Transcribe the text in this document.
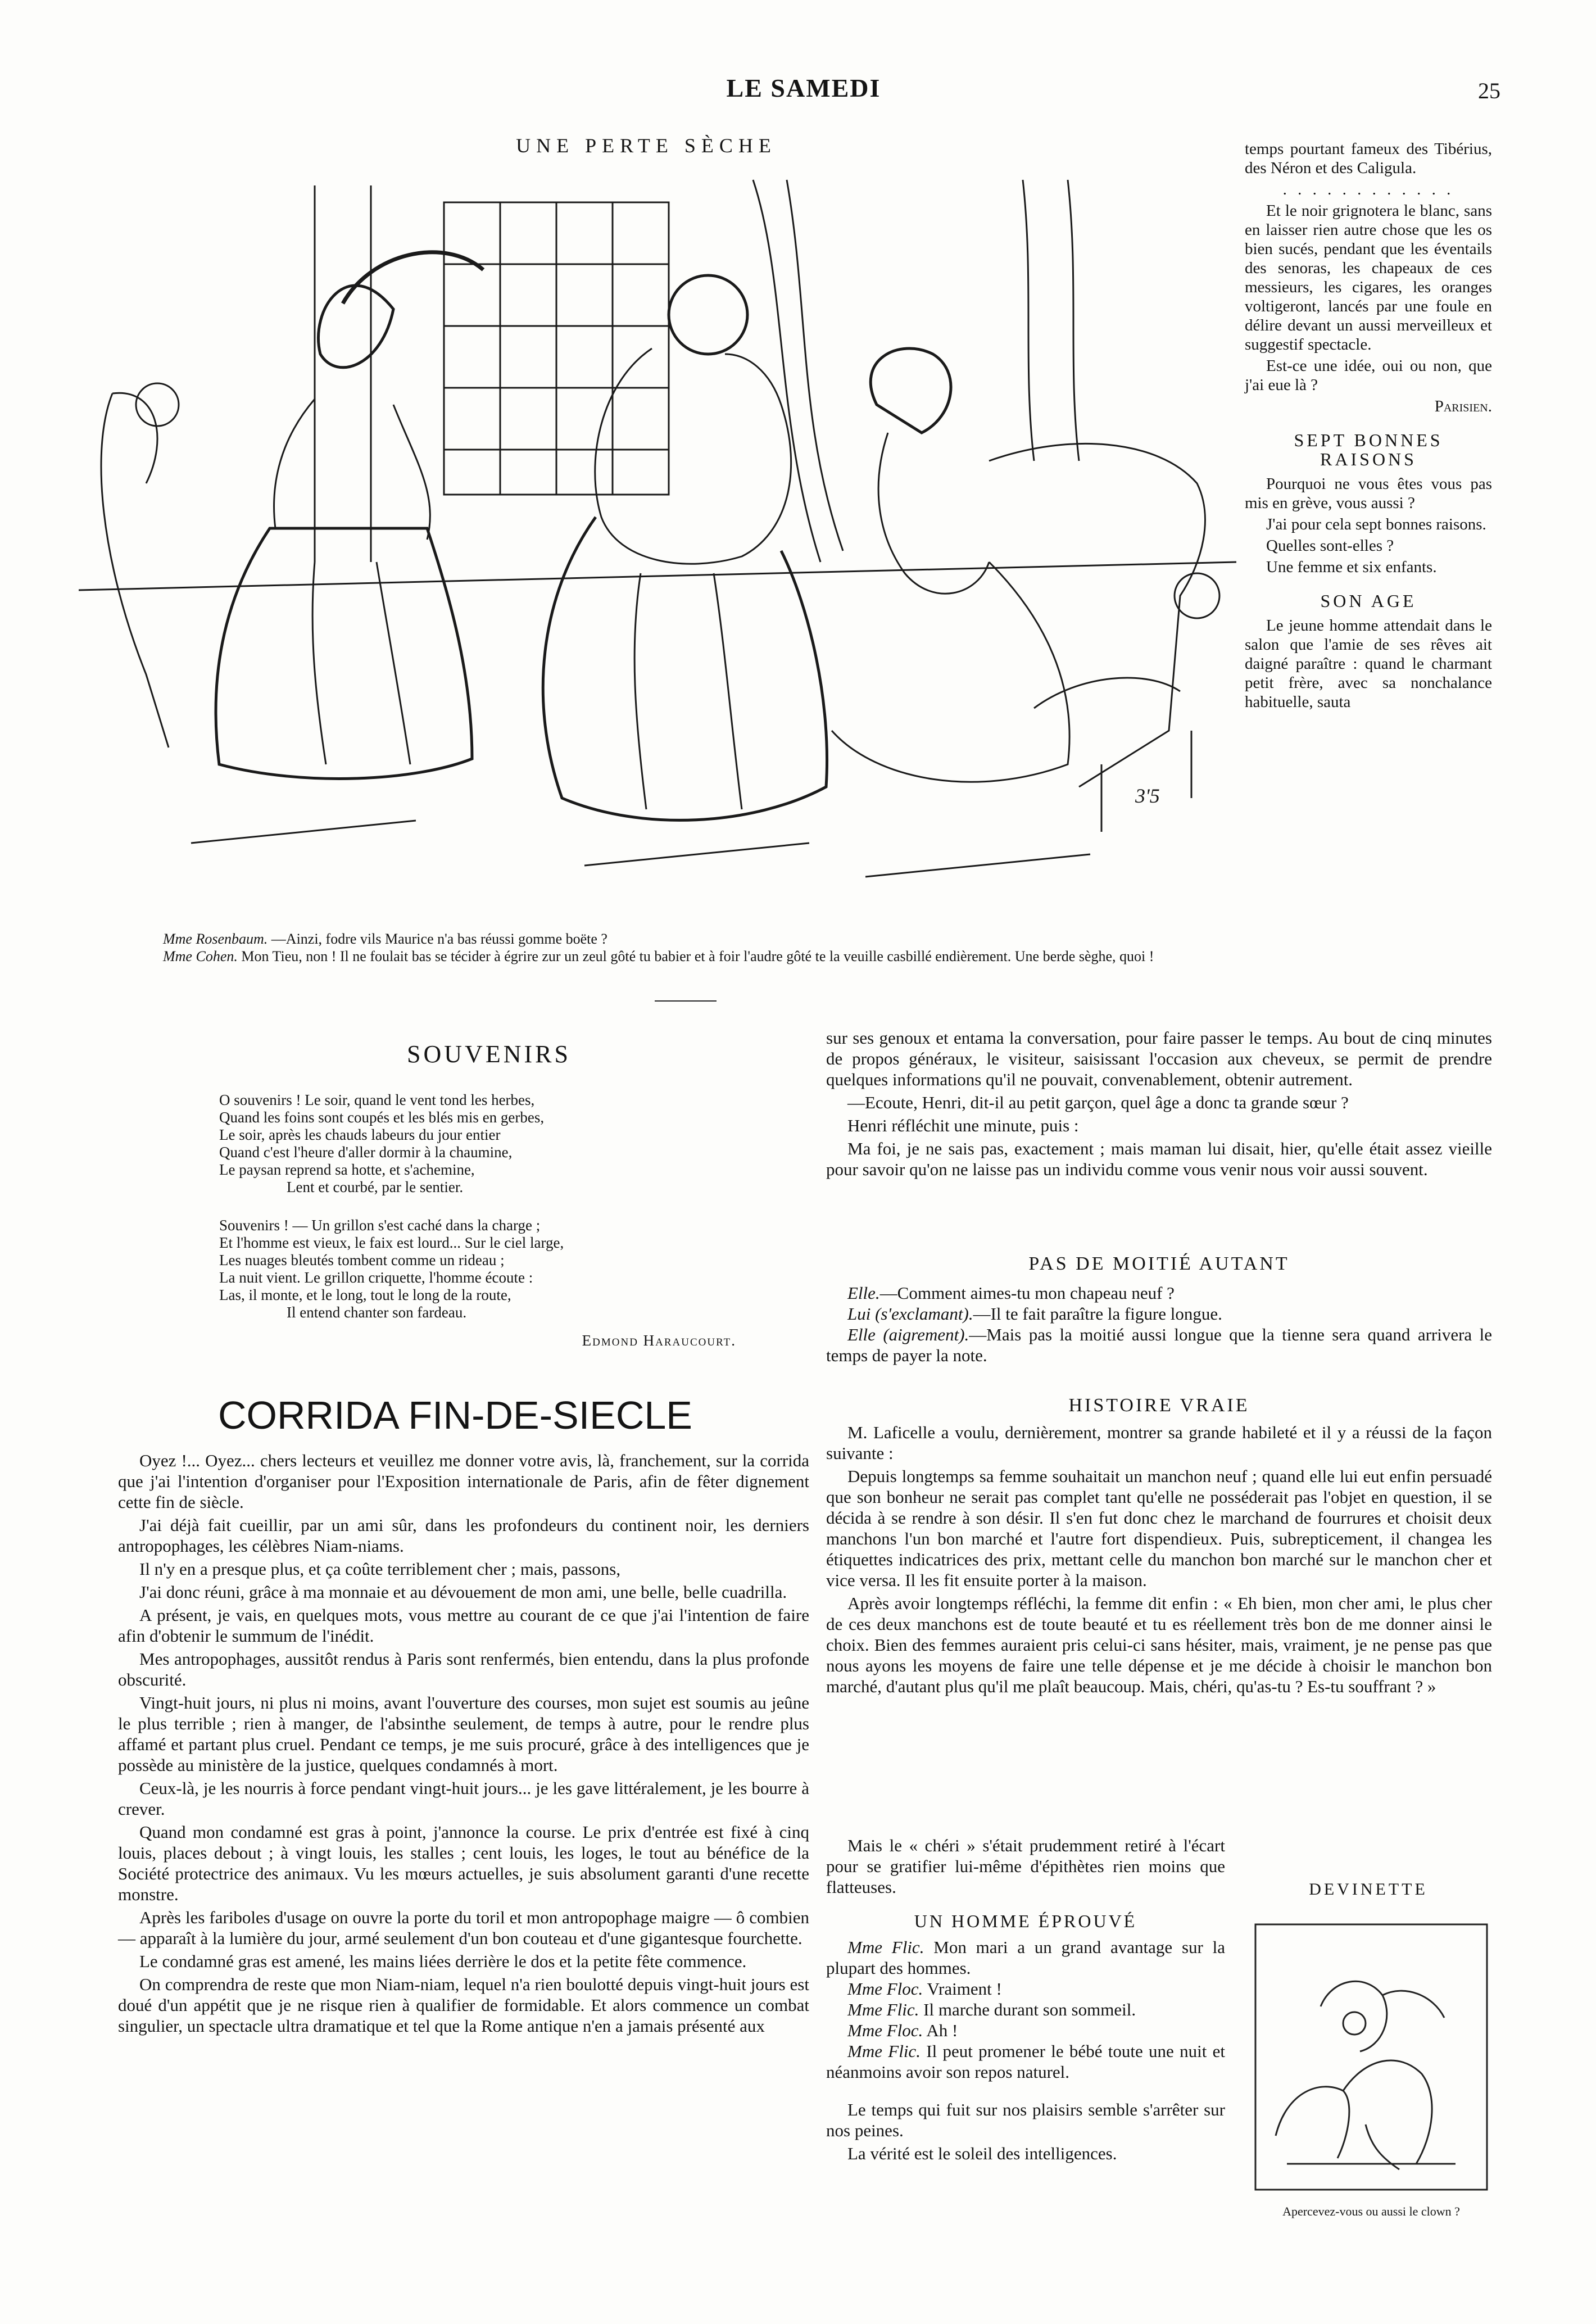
LE SAMEDI	25
UNE PERTE SÈCHE
3'5
Mme Rosenbaum. —Ainzi, fodre vils Maurice n'a bas réussi gomme boëte ?
Mme Cohen. Mon Tieu, non ! Il ne foulait bas se técider à égrire zur un zeul gôté tu babier et à foir l'audre gôté te la veuille casbillé endièrement. Une berde sèghe, quoi !

temps pourtant fameux des Tibérius, des Néron et des Caligula.

. . . . . . . . . . . .

Et le noir grignotera le blanc, sans en laisser rien autre chose que les os bien sucés, pendant que les éventails des senoras, les chapeaux de ces messieurs, les cigares, les oranges voltigeront, lancés par une foule en délire devant un aussi merveilleux et suggestif spectacle.

Est-ce une idée, oui ou non, que j'ai eue là ?

Parisien.

SEPT BONNES RAISONS

Pourquoi ne vous êtes vous pas mis en grève, vous aussi ?

J'ai pour cela sept bonnes raisons.

Quelles sont-elles ?

Une femme et six enfants.

SON AGE

Le jeune homme attendait dans le salon que l'amie de ses rêves ait daigné paraître : quand le charmant petit frère, avec sa nonchalance habituelle, sauta

SOUVENIRS
O souvenirs ! Le soir, quand le vent tond les herbes,
Quand les foins sont coupés et les blés mis en gerbes,
Le soir, après les chauds labeurs du jour entier
Quand c'est l'heure d'aller dormir à la chaumine,
Le paysan reprend sa hotte, et s'achemine,
Lent et courbé, par le sentier.
Souvenirs ! — Un grillon s'est caché dans la charge ;
Et l'homme est vieux, le faix est lourd... Sur le ciel large,
Les nuages bleutés tombent comme un rideau ;
La nuit vient. Le grillon criquette, l'homme écoute :
Las, il monte, et le long, tout le long de la route,
Il entend chanter son fardeau.
Edmond Haraucourt.

sur ses genoux et entama la conversation, pour faire passer le temps. Au bout de cinq minutes de propos généraux, le visiteur, saisissant l'occasion aux cheveux, se permit de prendre quelques informations qu'il ne pouvait, convenablement, obtenir autrement.

—Ecoute, Henri, dit-il au petit garçon, quel âge a donc ta grande sœur ?

Henri réfléchit une minute, puis :

Ma foi, je ne sais pas, exactement ; mais maman lui disait, hier, qu'elle était assez vieille pour savoir qu'on ne laisse pas un individu comme vous venir nous voir aussi souvent.

PAS DE MOITIÉ AUTANT
Elle.—Comment aimes-tu mon chapeau neuf ?
Lui (s'exclamant).—Il te fait paraître la figure longue.
Elle (aigrement).—Mais pas la moitié aussi longue que la tienne sera quand arrivera le temps de payer la note.
HISTOIRE VRAIE

M. Laficelle a voulu, dernièrement, montrer sa grande habileté et il y a réussi de la façon suivante :

Depuis longtemps sa femme souhaitait un manchon neuf ; quand elle lui eut enfin persuadé que son bonheur ne serait pas complet tant qu'elle ne posséderait pas l'objet en question, il se décida à se rendre à son désir. Il s'en fut donc chez le marchand de fourrures et choisit deux manchons l'un bon marché et l'autre fort dispendieux. Puis, subrepticement, il changea les étiquettes indicatrices des prix, mettant celle du manchon bon marché sur le manchon cher et vice versa. Il les fit ensuite porter à la maison.

Après avoir longtemps réfléchi, la femme dit enfin : « Eh bien, mon cher ami, le plus cher de ces deux manchons est de toute beauté et tu es réellement très bon de me donner ainsi le choix. Bien des femmes auraient pris celui-ci sans hésiter, mais, vraiment, je ne pense pas que nous ayons les moyens de faire une telle dépense et je me décide à choisir le manchon bon marché, d'autant plus qu'il me plaît beaucoup. Mais, chéri, qu'as-tu ? Es-tu souffrant ? »

Mais le « chéri » s'était prudemment retiré à l'écart pour se gratifier lui-même d'épithètes rien moins que flatteuses.

UN HOMME ÉPROUVÉ
Mme Flic. Mon mari a un grand avantage sur la plupart des hommes.
Mme Floc. Vraiment !
Mme Flic. Il marche durant son sommeil.
Mme Floc. Ah !
Mme Flic. Il peut promener le bébé toute une nuit et néanmoins avoir son repos naturel.

Le temps qui fuit sur nos plaisirs semble s'arrêter sur nos peines.

La vérité est le soleil des intelligences.

DEVINETTE
Apercevez-vous ou aussi le clown ?
CORRIDA FIN-DE-SIECLE

Oyez !... Oyez... chers lecteurs et veuillez me donner votre avis, là, franchement, sur la corrida que j'ai l'intention d'organiser pour l'Exposition internationale de Paris, afin de fêter dignement cette fin de siècle.

J'ai déjà fait cueillir, par un ami sûr, dans les profondeurs du continent noir, les derniers antropophages, les célèbres Niam-niams.

Il n'y en a presque plus, et ça coûte terriblement cher ; mais, passons,

J'ai donc réuni, grâce à ma monnaie et au dévouement de mon ami, une belle, belle cuadrilla.

A présent, je vais, en quelques mots, vous mettre au courant de ce que j'ai l'intention de faire afin d'obtenir le summum de l'inédit.

Mes antropophages, aussitôt rendus à Paris sont renfermés, bien entendu, dans la plus profonde obscurité.

Vingt-huit jours, ni plus ni moins, avant l'ouverture des courses, mon sujet est soumis au jeûne le plus terrible ; rien à manger, de l'absinthe seulement, de temps à autre, pour le rendre plus affamé et partant plus cruel. Pendant ce temps, je me suis procuré, grâce à des intelligences que je possède au ministère de la justice, quelques condamnés à mort.

Ceux-là, je les nourris à force pendant vingt-huit jours... je les gave littéralement, je les bourre à crever.

Quand mon condamné est gras à point, j'annonce la course. Le prix d'entrée est fixé à cinq louis, places debout ; à vingt louis, les stalles ; cent louis, les loges, le tout au bénéfice de la Société protectrice des animaux. Vu les mœurs actuelles, je suis absolument garanti d'une recette monstre.

Après les fariboles d'usage on ouvre la porte du toril et mon antropophage maigre — ô combien — apparaît à la lumière du jour, armé seulement d'un bon couteau et d'une gigantesque fourchette.

Le condamné gras est amené, les mains liées derrière le dos et la petite fête commence.

On comprendra de reste que mon Niam-niam, lequel n'a rien boulotté depuis vingt-huit jours est doué d'un appétit que je ne risque rien à qualifier de formidable. Et alors commence un combat singulier, un spectacle ultra dramatique et tel que la Rome antique n'en a jamais présenté aux
